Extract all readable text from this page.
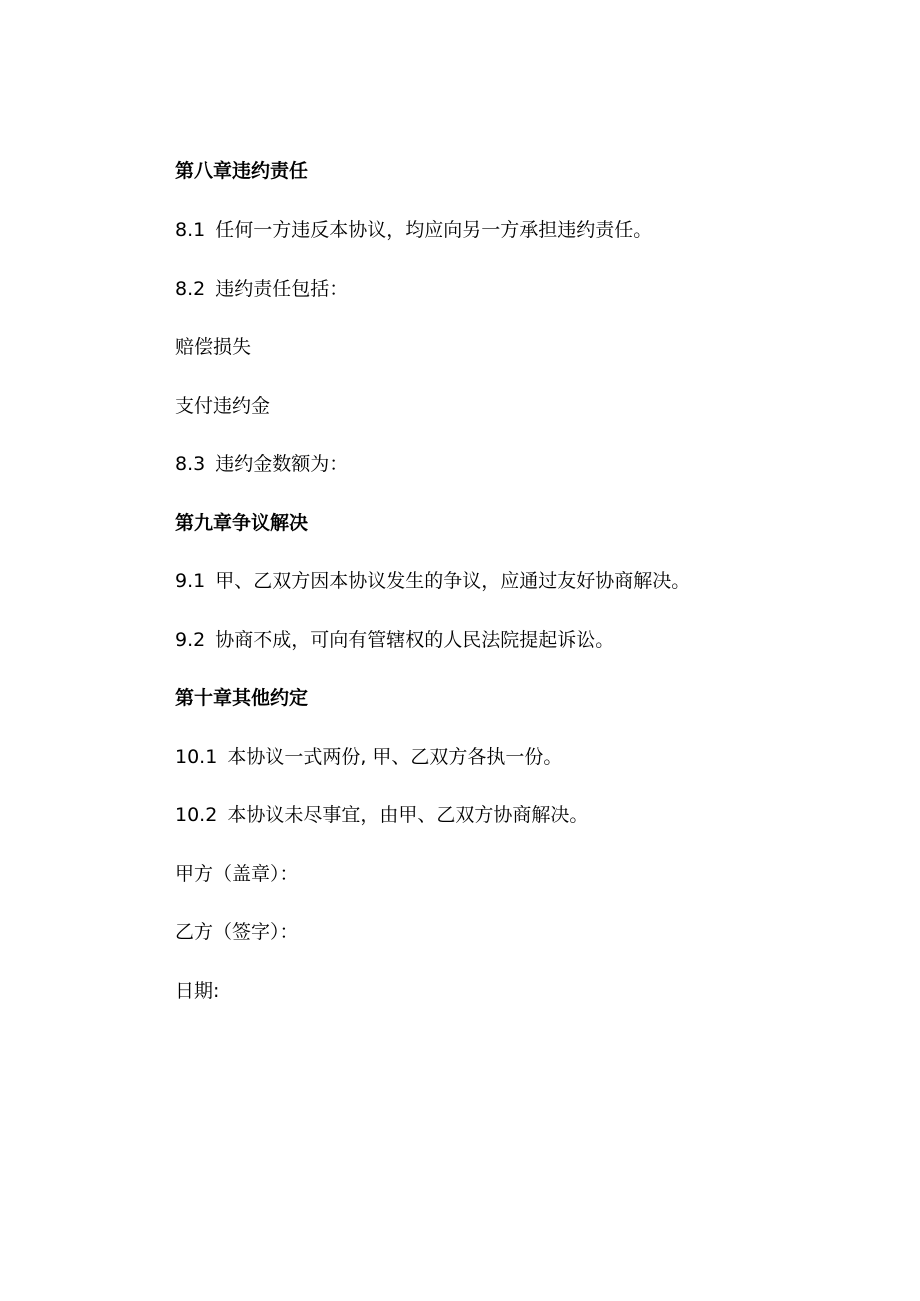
第八章违约责任

8.1 任何一方违反本协议，均应向另一方承担违约责任。

8.2 违约责任包括：

赔偿损失

支付违约金

8.3 违约金数额为：

第九章争议解决

9.1 甲、乙双方因本协议发生的争议，应通过友好协商解决。

9.2 协商不成，可向有管辖权的人民法院提起诉讼。

第十章其他约定

10.1 本协议一式两份, 甲、乙双方各执一份。

10.2 本协议未尽事宜，由甲、乙双方协商解决。

甲方（盖章）：

乙方（签字）：

日期:
